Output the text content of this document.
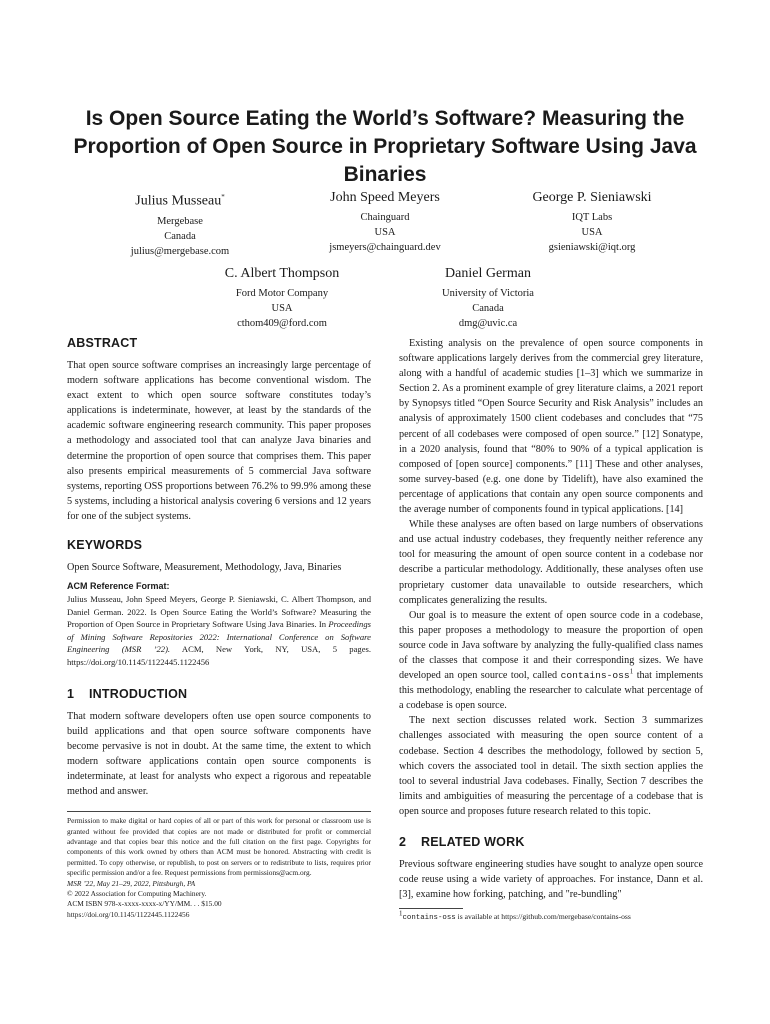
Is Open Source Eating the World’s Software? Measuring the Proportion of Open Source in Proprietary Software Using Java Binaries
Julius Musseau*
Mergebase
Canada
julius@mergebase.com
John Speed Meyers
Chainguard
USA
jsmeyers@chainguard.dev
George P. Sieniawski
IQT Labs
USA
gsieniawski@iqt.org
C. Albert Thompson
Ford Motor Company
USA
cthom409@ford.com
Daniel German
University of Victoria
Canada
dmg@uvic.ca
ABSTRACT

That open source software comprises an increasingly large percentage of modern software applications has become conventional wisdom. The exact extent to which open source software constitutes today’s applications is indeterminate, however, at least by the standards of the academic software engineering research community. This paper proposes a methodology and associated tool that can analyze Java binaries and determine the proportion of open source that comprises them. This paper also presents empirical measurements of 5 commercial Java software systems, reporting OSS proportions between 76.2% to 99.9% among these 5 systems, including a historical analysis covering 6 versions and 12 years for one of the subject systems.

KEYWORDS

Open Source Software, Measurement, Methodology, Java, Binaries

ACM Reference Format:

Julius Musseau, John Speed Meyers, George P. Sieniawski, C. Albert Thompson, and Daniel German. 2022. Is Open Source Eating the World’s Software? Measuring the Proportion of Open Source in Proprietary Software Using Java Binaries. In Proceedings of Mining Software Repositories 2022: International Conference on Software Engineering (MSR ’22). ACM, New York, NY, USA, 5 pages. https://doi.org/10.1145/1122445.1122456

1 INTRODUCTION

That modern software developers often use open source components to build applications and that open source software components have become pervasive is not in doubt. At the same time, the extent to which modern software applications contain open source components is indeterminate, at least for analysts who expect a rigorous and repeatable method and answer.

Permission to make digital or hard copies of all or part of this work for personal or classroom use is granted without fee provided that copies are not made or distributed for profit or commercial advantage and that copies bear this notice and the full citation on the first page. Copyrights for components of this work owned by others than ACM must be honored. Abstracting with credit is permitted. To copy otherwise, or republish, to post on servers or to redistribute to lists, requires prior specific permission and/or a fee. Request permissions from permissions@acm.org.
MSR ’22, May 21–29, 2022, Pittsburgh, PA
© 2022 Association for Computing Machinery.
ACM ISBN 978-x-xxxx-xxxx-x/YY/MM. . . $15.00
https://doi.org/10.1145/1122445.1122456

Existing analysis on the prevalence of open source components in software applications largely derives from the commercial grey literature, along with a handful of academic studies [1–3] which we summarize in Section 2. As a prominent example of grey literature claims, a 2021 report by Synopsys titled “Open Source Security and Risk Analysis” includes an analysis of approximately 1500 client codebases and concludes that “75 percent of all codebases were composed of open source.” [12] Sonatype, in a 2020 analysis, found that “80% to 90% of a typical application is composed of [open source] components.” [11] These and other analyses, some survey-based (e.g. one done by Tidelift), have also examined the percentage of applications that contain any open source components and the average number of components found in typical applications. [14]

While these analyses are often based on large numbers of observations and use actual industry codebases, they frequently neither reference any tool for measuring the amount of open source content in a codebase nor describe a particular methodology. Additionally, these analyses often use proprietary customer data unavailable to outside researchers, which complicates generalizing the results.

Our goal is to measure the extent of open source code in a codebase, this paper proposes a methodology to measure the proportion of open source code in Java software by analyzing the fully-qualified class names of the classes that compose it and their corresponding sizes. We have developed an open source tool, called contains-oss$^1$ that implements this methodology, enabling the researcher to calculate what percentage of a codebase is open source.

The next section discusses related work. Section 3 summarizes challenges associated with measuring the open source content of a codebase. Section 4 describes the methodology, followed by section 5, which covers the associated tool in detail. The sixth section applies the tool to several industrial Java codebases. Finally, Section 7 describes the limits and ambiguities of measuring the percentage of a codebase that is open source and proposes future research related to this topic.

2 RELATED WORK

Previous software engineering studies have sought to analyze open source code reuse using a wide variety of approaches. For instance, Dann et al. [3], examine how forking, patching, and "re-bundling"

$^1$contains-oss is available at https://github.com/mergebase/contains-oss
